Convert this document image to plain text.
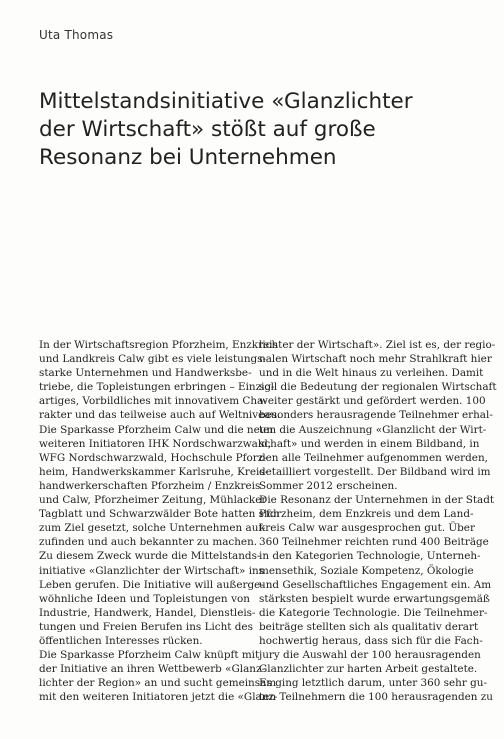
Uta Thomas
Mittelstandsinitiative «Glanzlichter
der Wirtschaft» stößt auf große
Resonanz bei Unternehmen
In der Wirtschaftsregion Pforzheim, Enzkreis
und Landkreis Calw gibt es viele leistungs-
starke Unternehmen und Handwerksbe-
triebe, die Topleistungen erbringen – Einzig-
artiges, Vorbildliches mit innovativem Cha-
rakter und das teilweise auch auf Weltniveau.
Die Sparkasse Pforzheim Calw und die neun
weiteren Initiatoren IHK Nordschwarzwald,
WFG Nordschwarzwald, Hochschule Pforz-
heim, Handwerkskammer Karlsruhe, Kreis-
handwerkerschaften Pforzheim / Enzkreis
und Calw, Pforzheimer Zeitung, Mühlacker
Tagblatt und Schwarzwälder Bote hatten sich
zum Ziel gesetzt, solche Unternehmen auf-
zufinden und auch bekannter zu machen.
Zu diesem Zweck wurde die Mittelstands-
initiative «Glanzlichter der Wirtschaft» ins
Leben gerufen. Die Initiative will außerge-
wöhnliche Ideen und Topleistungen von
Industrie, Handwerk, Handel, Dienstleis-
tungen und Freien Berufen ins Licht des
öffentlichen Interesses rücken.
Die Sparkasse Pforzheim Calw knüpft mit
der Initiative an ihren Wettbewerb «Glanz-
lichter der Region» an und sucht gemeinsam
mit den weiteren Initiatoren jetzt die «Glanz-
lichter der Wirtschaft». Ziel ist es, der regio-
nalen Wirtschaft noch mehr Strahlkraft hier
und in die Welt hinaus zu verleihen. Damit
soll die Bedeutung der regionalen Wirtschaft
weiter gestärkt und gefördert werden. 100
besonders herausragende Teilnehmer erhal-
ten die Auszeichnung «Glanzlicht der Wirt-
schaft» und werden in einem Bildband, in
den alle Teilnehmer aufgenommen werden,
detailliert vorgestellt. Der Bildband wird im
Sommer 2012 erscheinen.
Die Resonanz der Unternehmen in der Stadt
Pforzheim, dem Enzkreis und dem Land-
kreis Calw war ausgesprochen gut. Über
360 Teilnehmer reichten rund 400 Beiträge
in den Kategorien Technologie, Unterneh-
mensethik, Soziale Kompetenz, Ökologie
und Gesellschaftliches Engagement ein. Am
stärksten bespielt wurde erwartungsgemäß
die Kategorie Technologie. Die Teilnehmer-
beiträge stellten sich als qualitativ derart
hochwertig heraus, dass sich für die Fach-
jury die Auswahl der 100 herausragenden
Glanzlichter zur harten Arbeit gestaltete.
Es ging letztlich darum, unter 360 sehr gu-
ten Teilnehmern die 100 herausragenden zu
